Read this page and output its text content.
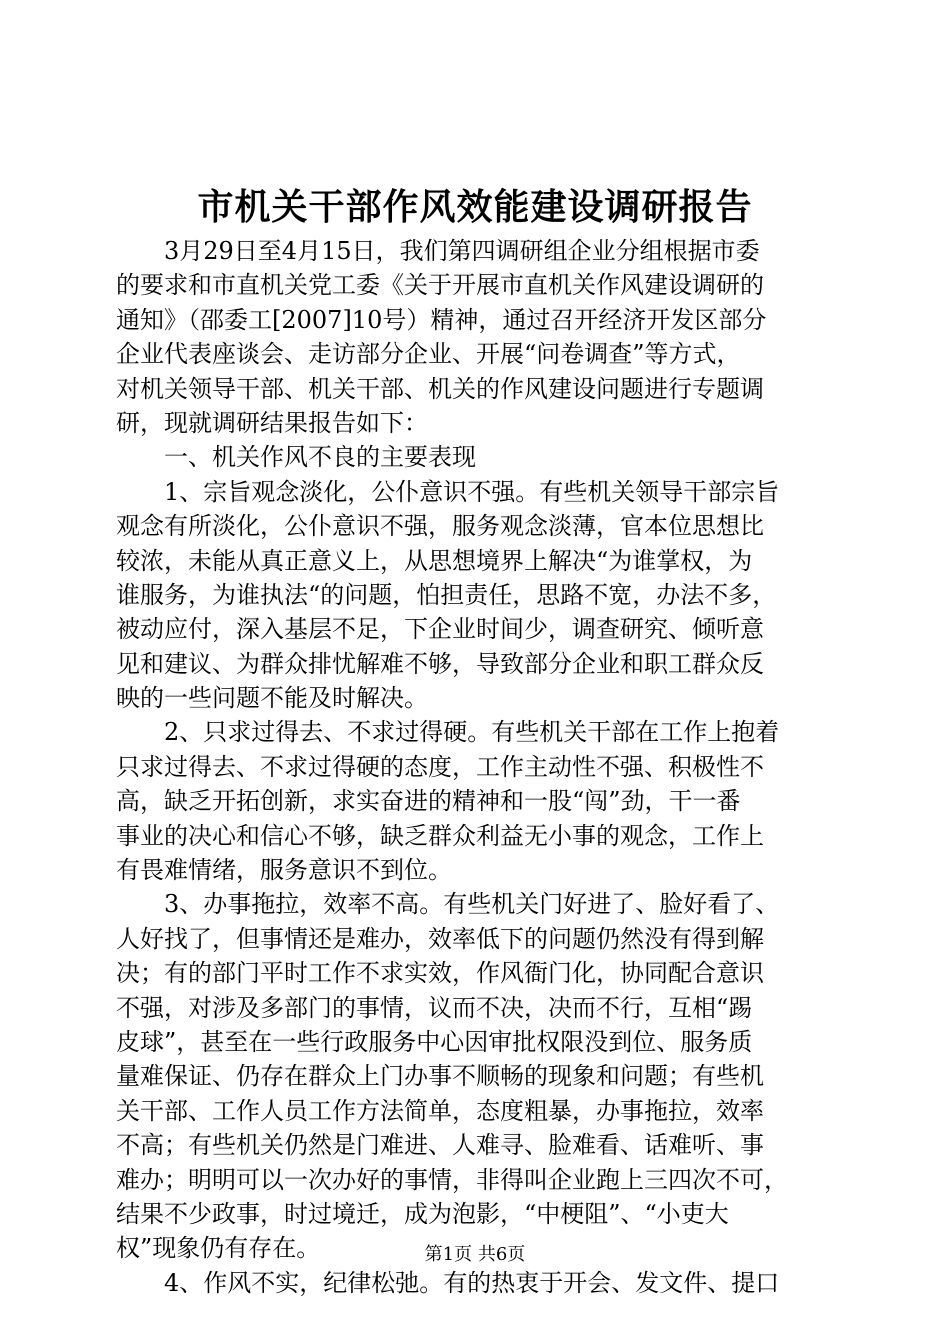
市机关干部作风效能建设调研报告
3月29日至4月15日，我们第四调研组企业分组根据市委
的要求和市直机关党工委《关于开展市直机关作风建设调研的
通知》（邵委工[2007]10号）精神，通过召开经济开发区部分
企业代表座谈会、走访部分企业、开展“问卷调查”等方式，
对机关领导干部、机关干部、机关的作风建设问题进行专题调
研，现就调研结果报告如下：
一、机关作风不良的主要表现
1、宗旨观念淡化，公仆意识不强。有些机关领导干部宗旨
观念有所淡化，公仆意识不强，服务观念淡薄，官本位思想比
较浓，未能从真正意义上，从思想境界上解决“为谁掌权，为
谁服务，为谁执法“的问题，怕担责任，思路不宽，办法不多，
被动应付，深入基层不足，下企业时间少，调查研究、倾听意
见和建议、为群众排忧解难不够，导致部分企业和职工群众反
映的一些问题不能及时解决。
2、只求过得去、不求过得硬。有些机关干部在工作上抱着
只求过得去、不求过得硬的态度，工作主动性不强、积极性不
高，缺乏开拓创新，求实奋进的精神和一股“闯”劲，干一番
事业的决心和信心不够，缺乏群众利益无小事的观念，工作上
有畏难情绪，服务意识不到位。
3、办事拖拉，效率不高。有些机关门好进了、脸好看了、
人好找了，但事情还是难办，效率低下的问题仍然没有得到解
决；有的部门平时工作不求实效，作风衙门化，协同配合意识
不强，对涉及多部门的事情，议而不决，决而不行，互相“踢
皮球”，甚至在一些行政服务中心因审批权限没到位、服务质
量难保证、仍存在群众上门办事不顺畅的现象和问题；有些机
关干部、工作人员工作方法简单，态度粗暴，办事拖拉，效率
不高；有些机关仍然是门难进、人难寻、脸难看、话难听、事
难办；明明可以一次办好的事情，非得叫企业跑上三四次不可，
结果不少政事，时过境迁，成为泡影，“中梗阻”、“小吏大
权”现象仍有存在。
4、作风不实，纪律松弛。有的热衷于开会、发文件、提口
第1页 共6页
